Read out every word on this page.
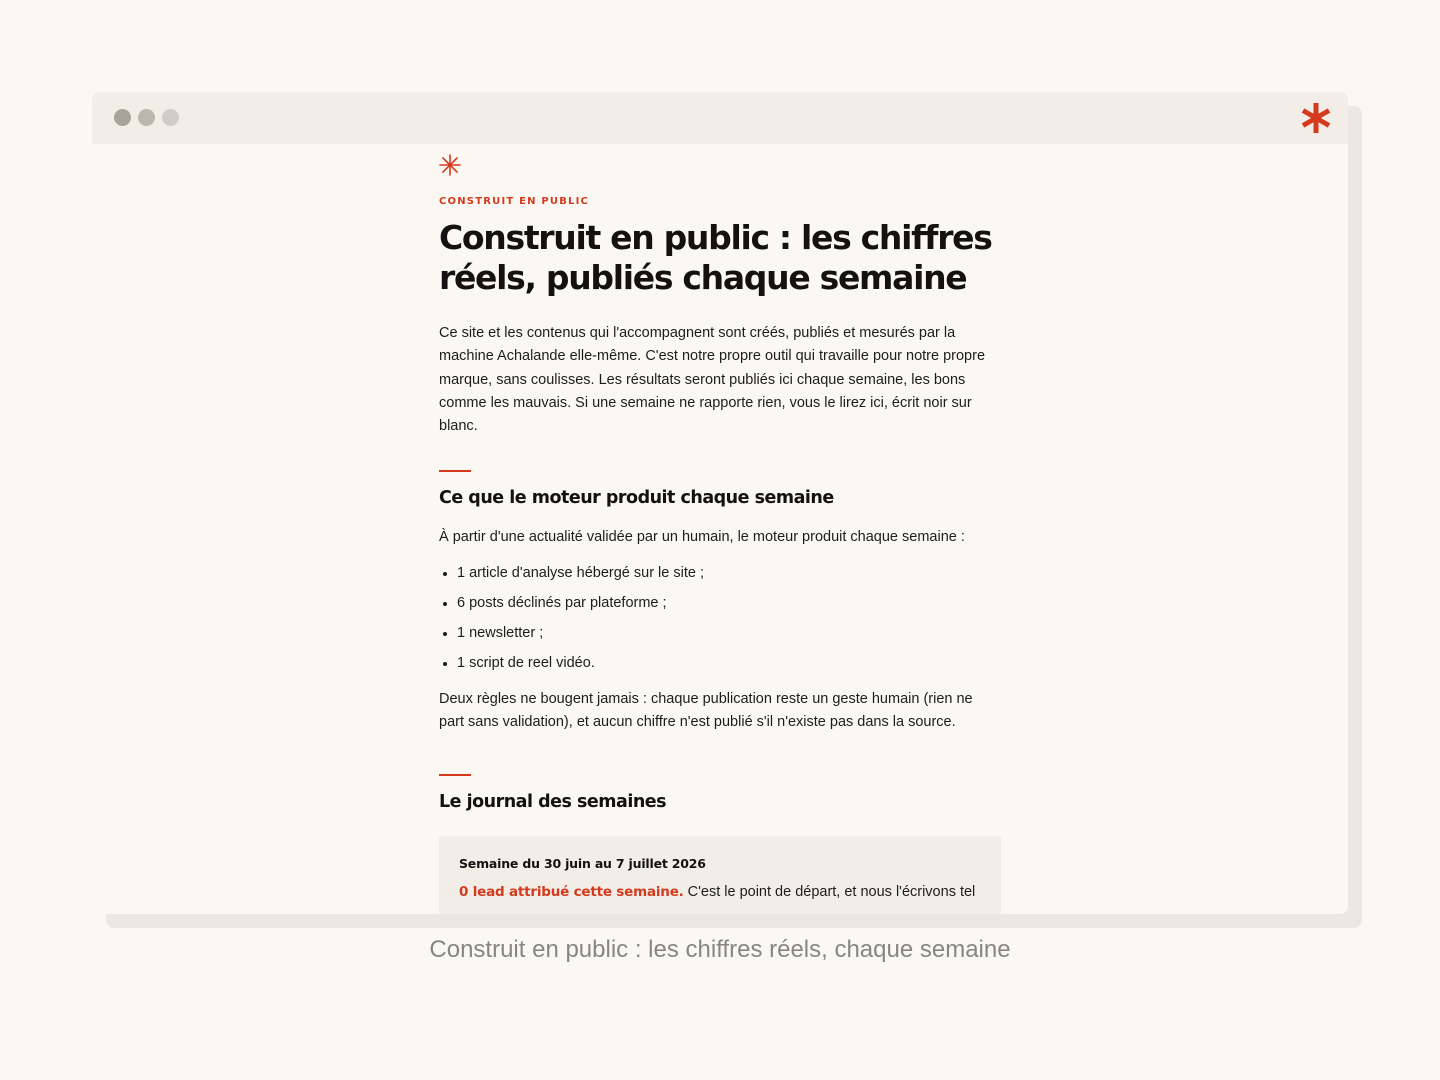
CONSTRUIT EN PUBLIC
Construit en public : les chiffres réels, publiés chaque semaine

Ce site et les contenus qui l'accompagnent sont créés, publiés et mesurés par la machine Achalande elle-même. C'est notre propre outil qui travaille pour notre propre marque, sans coulisses. Les résultats seront publiés ici chaque semaine, les bons comme les mauvais. Si une semaine ne rapporte rien, vous le lirez ici, écrit noir sur blanc.

Ce que le moteur produit chaque semaine

À partir d'une actualité validée par un humain, le moteur produit chaque semaine :

1 article d'analyse hébergé sur le site ;
6 posts déclinés par plateforme ;
1 newsletter ;
1 script de reel vidéo.

Deux règles ne bougent jamais : chaque publication reste un geste humain (rien ne part sans validation), et aucun chiffre n'est publié s'il n'existe pas dans la source.

Le journal des semaines
Semaine du 30 juin au 7 juillet 2026
0 lead attribué cette semaine. C'est le point de départ, et nous l'écrivons tel
Construit en public : les chiffres réels, chaque semaine
